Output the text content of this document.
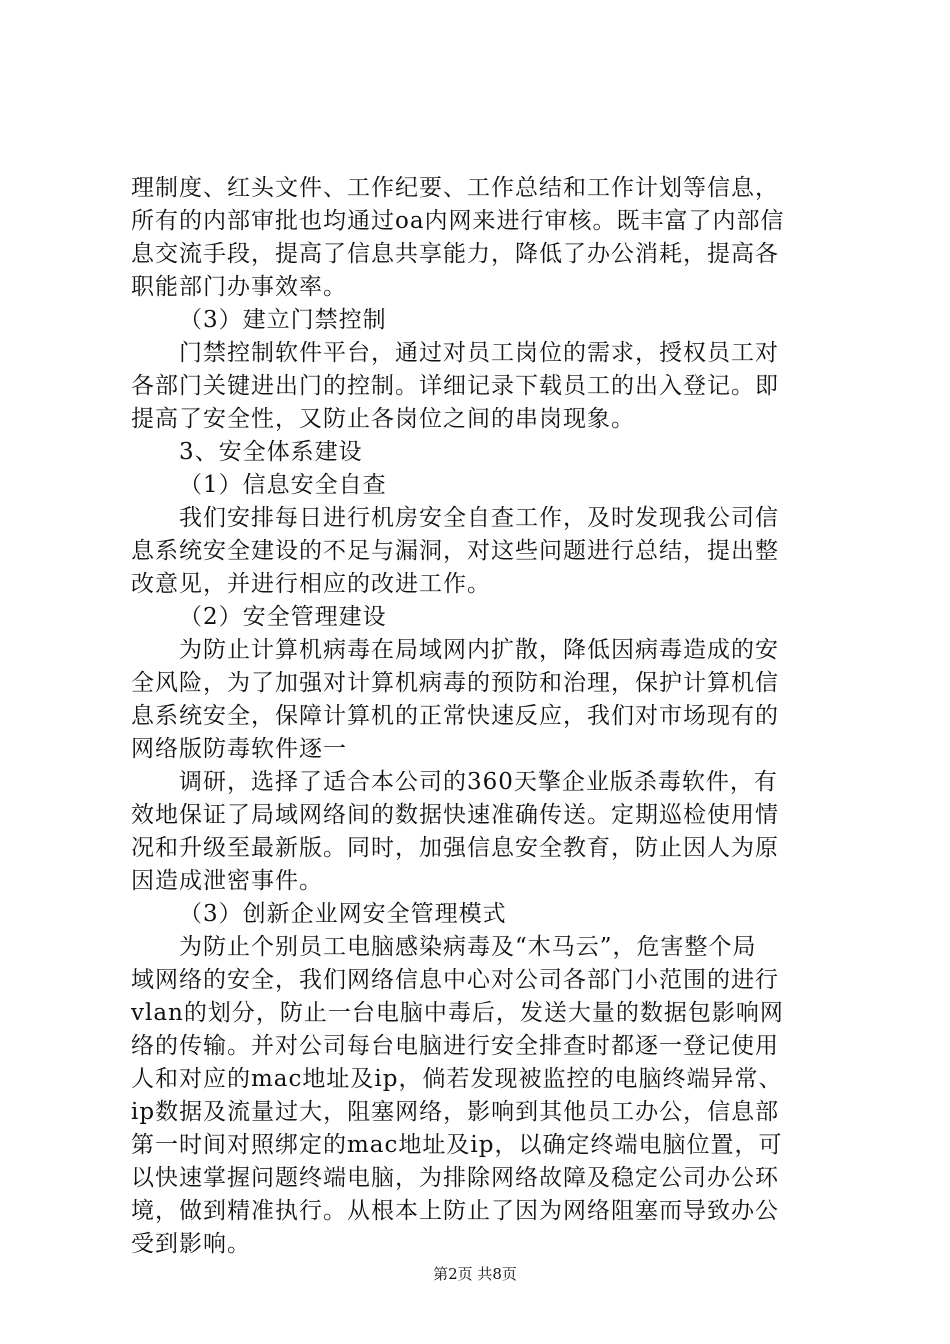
理制度、红头文件、工作纪要、工作总结和工作计划等信息，

所有的内部审批也均通过oa内网来进行审核。既丰富了内部信

息交流手段，提高了信息共享能力，降低了办公消耗，提高各

职能部门办事效率。

（3）建立门禁控制

门禁控制软件平台，通过对员工岗位的需求，授权员工对

各部门关键进出门的控制。详细记录下载员工的出入登记。即

提高了安全性，又防止各岗位之间的串岗现象。

3、安全体系建设

（1）信息安全自查

我们安排每日进行机房安全自查工作，及时发现我公司信

息系统安全建设的不足与漏洞，对这些问题进行总结，提出整

改意见，并进行相应的改进工作。

（2）安全管理建设

为防止计算机病毒在局域网内扩散，降低因病毒造成的安

全风险，为了加强对计算机病毒的预防和治理，保护计算机信

息系统安全，保障计算机的正常快速反应，我们对市场现有的

网络版防毒软件逐一

调研，选择了适合本公司的360天擎企业版杀毒软件，有

效地保证了局域网络间的数据快速准确传送。定期巡检使用情

况和升级至最新版。同时，加强信息安全教育，防止因人为原

因造成泄密事件。

（3）创新企业网安全管理模式

为防止个别员工电脑感染病毒及“木马云”，危害整个局

域网络的安全，我们网络信息中心对公司各部门小范围的进行

vlan的划分，防止一台电脑中毒后，发送大量的数据包影响网

络的传输。并对公司每台电脑进行安全排查时都逐一登记使用

人和对应的mac地址及ip，倘若发现被监控的电脑终端异常、

ip数据及流量过大，阻塞网络，影响到其他员工办公，信息部

第一时间对照绑定的mac地址及ip，以确定终端电脑位置，可

以快速掌握问题终端电脑，为排除网络故障及稳定公司办公环

境，做到精准执行。从根本上防止了因为网络阻塞而导致办公

受到影响。

第2页 共8页
